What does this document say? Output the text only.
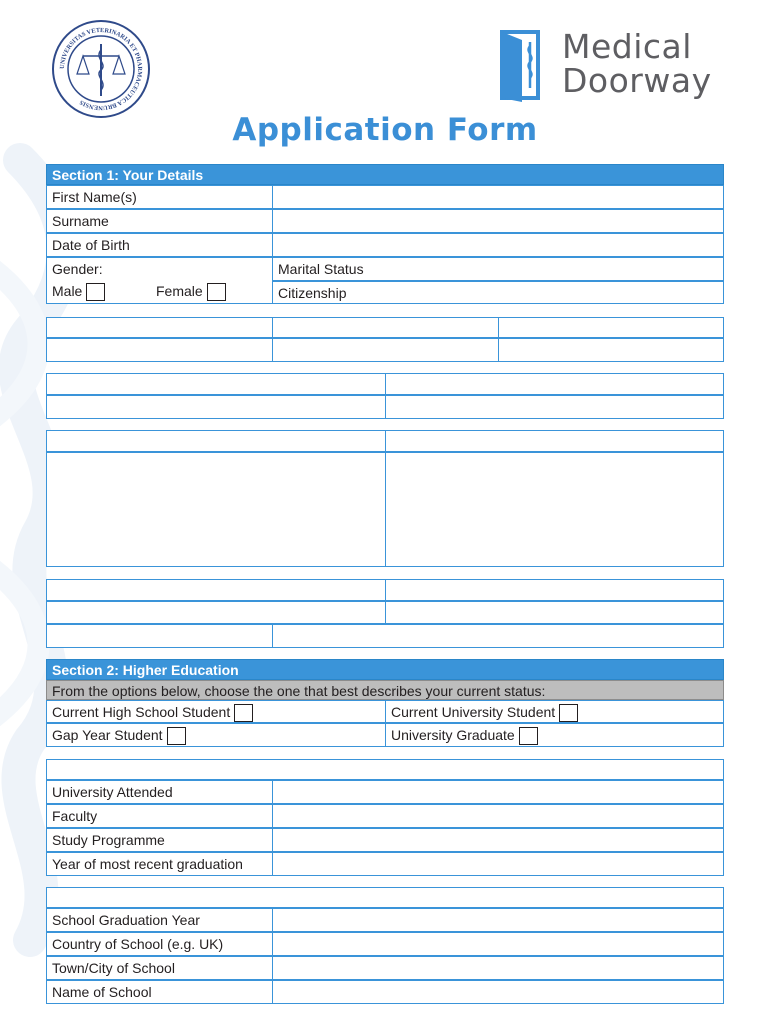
UNIVERSITAS VETERINARIA ET PHARMACEUTICA BRUNENSIS
Medical
Doorway
Application Form
Section 1: Your Details
First Name(s)
Surname
Date of Birth
Gender:
Male	Female
Marital Status
Citizenship
Nationality	Passport No.	Expiry Date
Country of Birth	Town/City of Birth
Permanent Address	Postal Address (if different)
Phone Number (Mobile)	Phone Number (other e.g. landline)
Email Address
Section 2: Higher Education
From the options below, choose the one that best describes your current status:
Current High School Student	Current University Student
Gap Year Student	University Graduate
For University Graduates Only
University Attended
Faculty
Study Programme
Year of most recent graduation
School/College/6th form attended
School Graduation Year
Country of School (e.g. UK)
Town/City of School
Name of School
